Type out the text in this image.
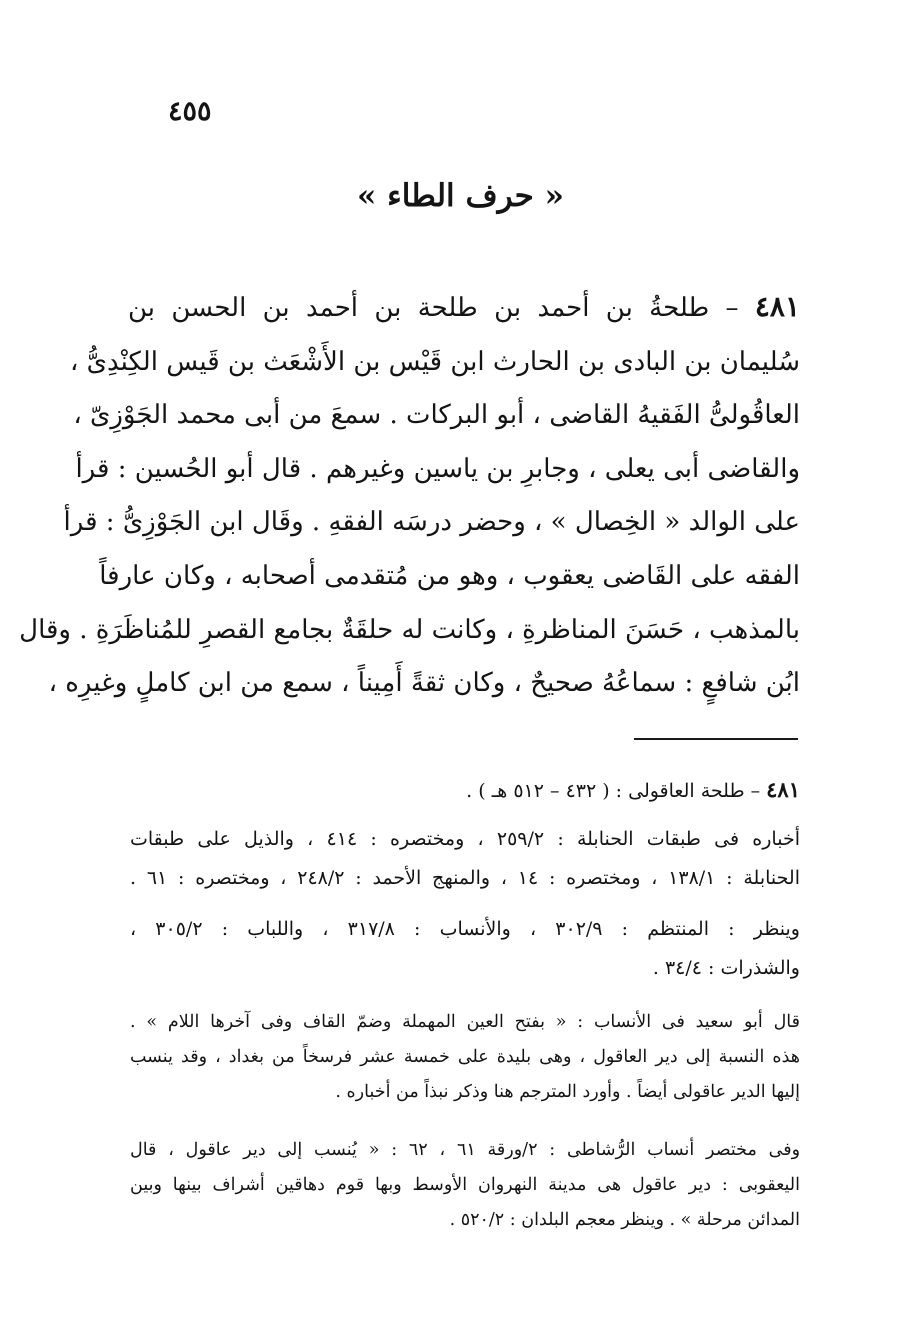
٤٥٥
« حرف الطاء »
٤٨١ – طلحةُ بن أحمد بن طلحة بن أحمد بن الحسن بن
سُليمان بن البادى بن الحارث ابن قَيْس بن الأَشْعَث بن قَيس الكِنْدِىُّ ،
العاقُولىُّ الفَقيهُ القاضى ، أبو البركات . سمعَ من أبى محمد الجَوْزِىّ ،
والقاضى أبى يعلى ، وجابرِ بن ياسين وغيرهم . قال أبو الحُسين : قرأ
على الوالد « الخِصال » ، وحضر درسَه الفقهِ . وقَال ابن الجَوْزِىُّ : قرأ
الفقه على القَاضى يعقوب ، وهو من مُتقدمى أصحابه ، وكان عارفاً
بالمذهب ، حَسَنَ المناظرةِ ، وكانت له حلقَةٌ بجامع القصرِ للمُناظَرَةِ . وقال
ابُن شافعٍ : سماعُهُ صحيحٌ ، وكان ثقةً أَمِيناً ، سمع من ابن كاملٍ وغيرِه ،
٤٨١ – طلحة العاقولى : ( ٤٣٢ – ٥١٢ هـ ) .
أخباره فى طبقات الحنابلة : ٢٥٩/٢ ، ومختصره : ٤١٤ ، والذيل على طبقات
الحنابلة : ١٣٨/١ ، ومختصره : ١٤ ، والمنهج الأحمد : ٢٤٨/٢ ، ومختصره : ٦١ .
وينظر : المنتظم : ٣٠٢/٩ ، والأنساب : ٣١٧/٨ ، واللباب : ٣٠٥/٢ ،
والشذرات : ٣٤/٤ .
قال أبو سعيد فى الأنساب : « بفتح العين المهملة وضمّ القاف وفى آخرها اللام » .
هذه النسبة إلى دير العاقول ، وهى بليدة على خمسة عشر فرسخاً من بغداد ، وقد ينسب
إليها الدير عاقولى أيضاً . وأورد المترجم هنا وذكر نبذاً من أخباره .
وفى مختصر أنساب الرُّشاطى : ٢/ورقة ٦١ ، ٦٢ : « يُنسب إلى دير عاقول ، قال
اليعقوبى : دير عاقول هى مدينة النهروان الأوسط وبها قوم دهاقين أشراف بينها وبين
المدائن مرحلة » . وينظر معجم البلدان : ٥٢٠/٢ .
